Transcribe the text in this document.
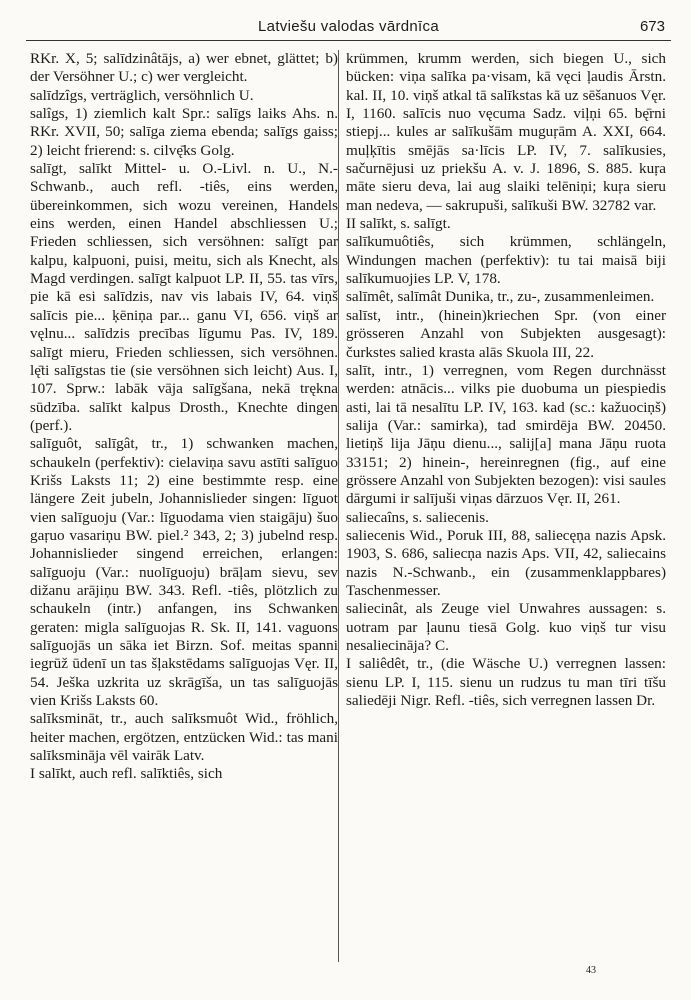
Latviešu valodas vārdnīca	673

RKr. X, 5; salīdzinâtājs, a) wer ebnet, glättet; b) der Versöhner U.; c) wer vergleicht.

salīdzîgs, verträglich, versöhnlich U.

salîgs, 1) ziemlich kalt Spr.: salīgs laiks Ahs. n. RKr. XVII, 50; salīga ziema ebenda; salīgs gaiss; 2) leicht frierend: s. cilvę̄ks Golg.

salīgt, salīkt Mittel- u. O.-Livl. n. U., N.-Schwanb., auch refl. -tiês, eins werden, übereinkommen, sich wozu vereinen, Handels eins werden, einen Handel abschliessen U.; Frieden schliessen, sich versöhnen: salīgt par kalpu, kalpuoni, puisi, meitu, sich als Knecht, als Magd verdingen. salīgt kalpuot LP. II, 55. tas vīrs, pie kā esi salīdzis, nav vis labais IV, 64. viņš salīcis pie... ķēniņa par... ganu VI, 656. viņš ar vęlnu... salīdzis precības līgumu Pas. IV, 189. salīgt mieru, Frieden schliessen, sich versöhnen. lę̄ti salīgstas tie (sie versöhnen sich leicht) Aus. I, 107. Sprw.: labāk vāja salīgšana, nekā trękna sūdzība. salīkt kalpus Drosth., Knechte dingen (perf.).

salīguôt, salīgât, tr., 1) schwanken machen, schaukeln (perfektiv): cielaviņa savu astīti salīguo Krišs Laksts 11; 2) eine bestimmte resp. eine längere Zeit jubeln, Johannislieder singen: līguot vien salīguoju (Var.: līguodama vien staigāju) šuo gaŗuo vasariņu BW. piel.² 343, 2; 3) jubelnd resp. Johannislieder singend erreichen, erlangen: salīguoju (Var.: nuolīguoju) brāļam sievu, sev dižanu arājiņu BW. 343. Refl. -tiês, plötzlich zu schaukeln (intr.) anfangen, ins Schwanken geraten: migla salīguojas R. Sk. II, 141. vaguons salīguojās un sāka iet Birzn. Sof. meitas spanni iegrūž ūdenī un tas šļakstēdams salīguojas Vęr. II, 54. Ješka uzkrita uz skrāgīša, un tas salīguojās vien Krišs Laksts 60.

salīksmināt, tr., auch salīksmuôt Wid., fröhlich, heiter machen, ergötzen, entzücken Wid.: tas mani salīksmināja vēl vairāk Latv.

I salīkt, auch refl. salīktiês, sich

krümmen, krumm werden, sich biegen U., sich bücken: viņa salīka pa·visam, kā vęci ļaudis Ārstn. kal. II, 10. viņš atkal tā salīkstas kā uz sēšanuos Vęr. I, 1160. salīcis nuo vęcuma Sadz. viļņi 65. bę̄rni stiepj... kules ar salīkušām muguŗām A. XXI, 664. muļķītis smējās sa·līcis LP. IV, 7. salīkusies, sačurnējusi uz priekšu A. v. J. 1896, S. 885. kuŗa māte sieru deva, lai aug slaiki telēniņi; kuŗa sieru man nedeva, — sakrupuši, salīkuši BW. 32782 var.

II salīkt, s. salīgt.

salīkumuôtiês, sich krümmen, schlängeln, Windungen machen (perfektiv): tu tai maisā biji salīkumuojies LP. V, 178.

salīmêt, salīmât Dunika, tr., zu-, zusammenleimen.

salīst, intr., (hinein)kriechen Spr. (von einer grösseren Anzahl von Subjekten ausgesagt): čurkstes salied krasta alās Skuola III, 22.

salīt, intr., 1) verregnen, vom Regen durchnässt werden: atnācis... vilks pie duobuma un piespiedis asti, lai tā nesalītu LP. IV, 163. kad (sc.: kažuociņš) salija (Var.: samirka), tad smirdēja BW. 20450. lietiņš lija Jāņu dienu..., salij[a] mana Jāņu ruota 33151; 2) hinein-, hereinregnen (fig., auf eine grössere Anzahl von Subjekten bezogen): visi saules dārgumi ir salījuši viņas dārzuos Vęr. II, 261.

saliecaîns, s. saliecenis.

saliecenis Wid., Poruk III, 88, saliecęņa nazis Apsk. 1903, S. 686, saliecņa nazis Aps. VII, 42, saliecains nazis N.-Schwanb., ein (zusammenklappbares) Taschenmesser.

saliecinât, als Zeuge viel Unwahres aussagen: s. uotram par ļaunu tiesā Golg. kuo viņš tur visu nesaliecināja? C.

I saliêdêt, tr., (die Wäsche U.) verregnen lassen: sienu LP. I, 115. sienu un rudzus tu man tīri tīšu saliedēji Nigr. Refl. -tiês, sich verregnen lassen Dr.

43
